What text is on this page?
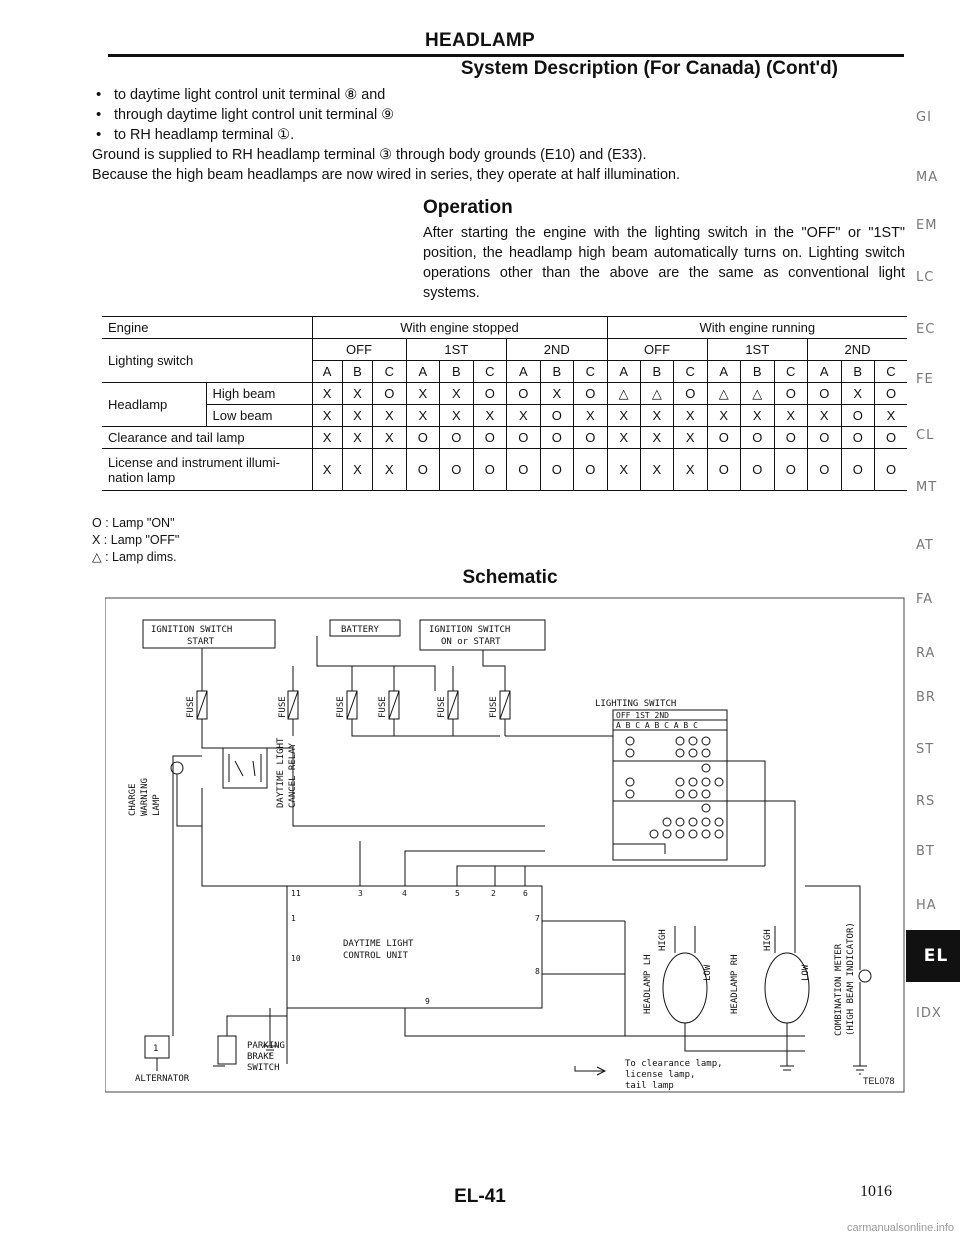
HEADLAMP
System Description (For Canada) (Cont'd)
• to daytime light control unit terminal ⑧ and
• through daytime light control unit terminal ⑨
• to RH headlamp terminal ①.
Ground is supplied to RH headlamp terminal ③ through body grounds (E10) and (E33).
Because the high beam headlamps are now wired in series, they operate at half illumination.
Operation
After starting the engine with the lighting switch in the "OFF" or "1ST" position, the headlamp high beam automatically turns on. Lighting switch operations other than the above are the same as conventional light systems.
GI
MA
EM
LC
EC
FE
CL
MT
AT
FA
RA
BR
ST
RS
BT
HA
EL
IDX
Engine		With engine stopped									With engine running								
Lighting switch		OFF			1ST			2ND			OFF			1ST			2ND		
		A	B	C	A	B	C	A	B	C	A	B	C	A	B	C	A	B	C
Headlamp	High beam	X	X	O	X	X	O	O	X	O	△	△	O	△	△	O	O	X	O
	Low beam	X	X	X	X	X	X	X	O	X	X	X	X	X	X	X	X	O	X
Clearance and tail lamp		X	X	X	O	O	O	O	O	O	X	X	X	O	O	O	O	O	O
License and instrument illumi- nation lamp		X	X	X	O	O	O	O	O	O	X	X	X	O	O	O	O	O	O
O : Lamp "ON"
X : Lamp "OFF"
△ : Lamp dims.
Schematic
IGNITION SWITCH
START
BATTERY	IGNITION SWITCH
ON or START
FUSE	FUSE	FUSE	FUSE	FUSE	FUSE	LIGHTING SWITCH
OFF 1ST 2ND
A B C A B C A B C
CHARGE WARNING LAMP	DAYTIME LIGHT CANCEL RELAY
DAYTIME LIGHT
CONTROL UNIT
11	3	4	5	2	6
1	7
10
8
9	HEADLAMP LH
HIGH
LOW HEADLAMP RH
HIGH
LOW	COMBINATION METER (HIGH BEAM INDICATOR)
1
ALTERNATOR
PARKING
BRAKE
SWITCH	To clearance lamp,
license lamp,
tail lamp	TEL078
EL-41	1016
carmanualsonline.info
